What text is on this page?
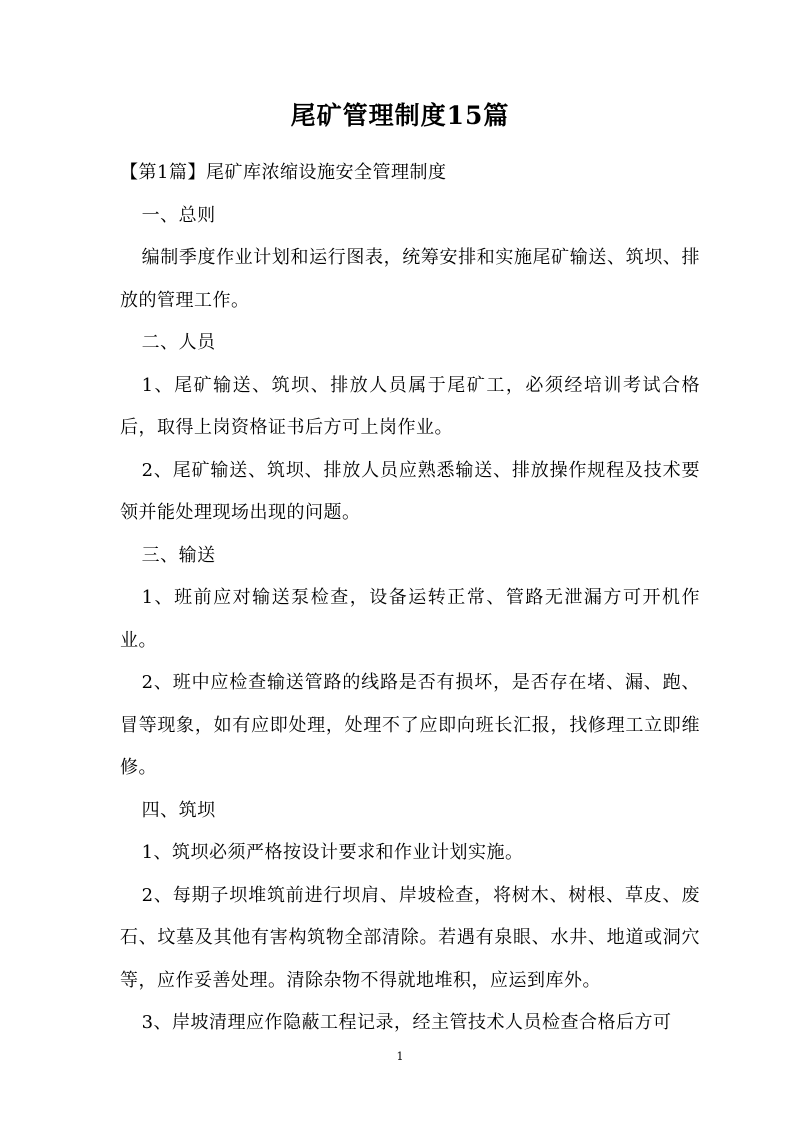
尾矿管理制度15篇

【第1篇】尾矿库浓缩设施安全管理制度

一、总则

编制季度作业计划和运行图表，统筹安排和实施尾矿输送、筑坝、排放的管理工作。

二、人员

1、尾矿输送、筑坝、排放人员属于尾矿工，必须经培训考试合格后，取得上岗资格证书后方可上岗作业。

2、尾矿输送、筑坝、排放人员应熟悉输送、排放操作规程及技术要领并能处理现场出现的问题。

三、输送

1、班前应对输送泵检查，设备运转正常、管路无泄漏方可开机作业。

2、班中应检查输送管路的线路是否有损坏，是否存在堵、漏、跑、冒等现象，如有应即处理，处理不了应即向班长汇报，找修理工立即维修。

四、筑坝

1、筑坝必须严格按设计要求和作业计划实施。

2、每期子坝堆筑前进行坝肩、岸坡检查，将树木、树根、草皮、废石、坟墓及其他有害构筑物全部清除。若遇有泉眼、水井、地道或洞穴等，应作妥善处理。清除杂物不得就地堆积，应运到库外。

3、岸坡清理应作隐蔽工程记录，经主管技术人员检查合格后方可

1
